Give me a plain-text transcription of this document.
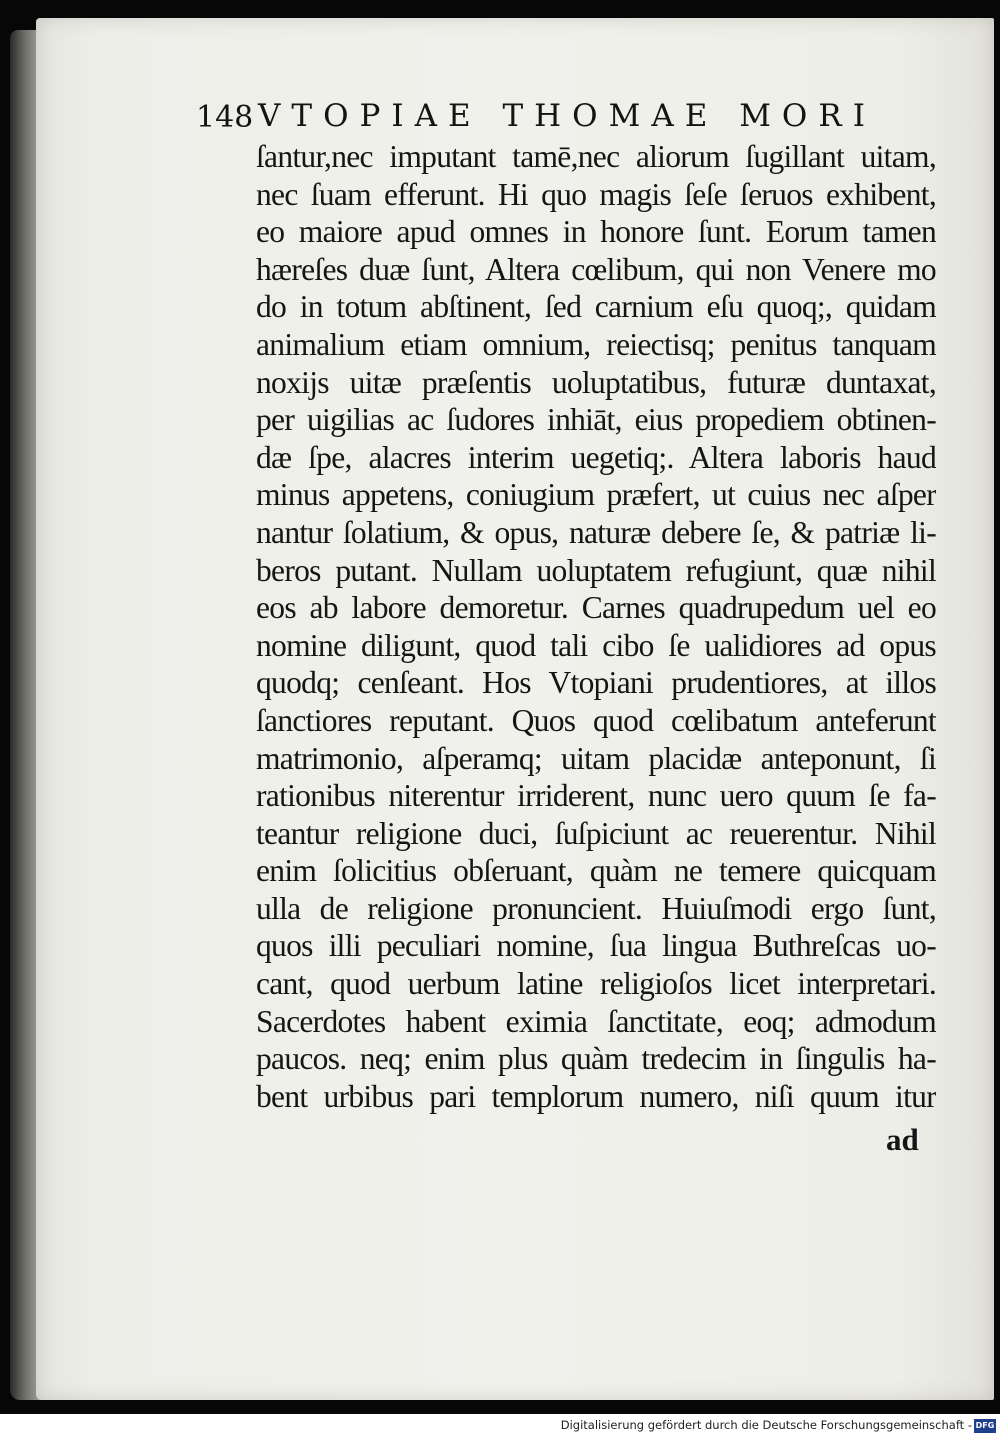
148 VTOPIAE THOMAE MORI
ſantur,nec imputant tamē,nec aliorum ſugillant uitam,
nec ſuam efferunt. Hi quo magis ſeſe ſeruos exhibent,
eo maiore apud omnes in honore ſunt. Eorum tamen
hæreſes duæ ſunt, Altera cœlibum, qui non Venere mo
do in totum abſtinent, ſed carnium eſu quoq;, quidam
animalium etiam omnium, reiectisq; penitus tanquam
noxijs uitæ præſentis uoluptatibus, futuræ duntaxat,
per uigilias ac ſudores inhiāt, eius propediem obtinen-
dæ ſpe, alacres interim uegetiq;. Altera laboris haud
minus appetens, coniugium præfert, ut cuius nec aſper
nantur ſolatium, & opus, naturæ debere ſe, & patriæ li-
beros putant. Nullam uoluptatem refugiunt, quæ nihil
eos ab labore demoretur. Carnes quadrupedum uel eo
nomine diligunt, quod tali cibo ſe ualidiores ad opus
quodq; cenſeant. Hos Vtopiani prudentiores, at illos
ſanctiores reputant. Quos quod cœlibatum anteferunt
matrimonio, aſperamq; uitam placidæ anteponunt, ſi
rationibus niterentur irriderent, nunc uero quum ſe fa-
teantur religione duci, ſuſpiciunt ac reuerentur. Nihil
enim ſolicitius obſeruant, quàm ne temere quicquam
ulla de religione pronuncient. Huiuſmodi ergo ſunt,
quos illi peculiari nomine, ſua lingua Buthreſcas uo-
cant, quod uerbum latine religioſos licet interpretari.
Sacerdotes habent eximia ſanctitate, eoq; admodum
paucos. neq; enim plus quàm tredecim in ſingulis ha-
bent urbibus pari templorum numero, niſi quum itur
ad
Digitalisierung gefördert durch die Deutsche Forschungsgemeinschaft - DFG
